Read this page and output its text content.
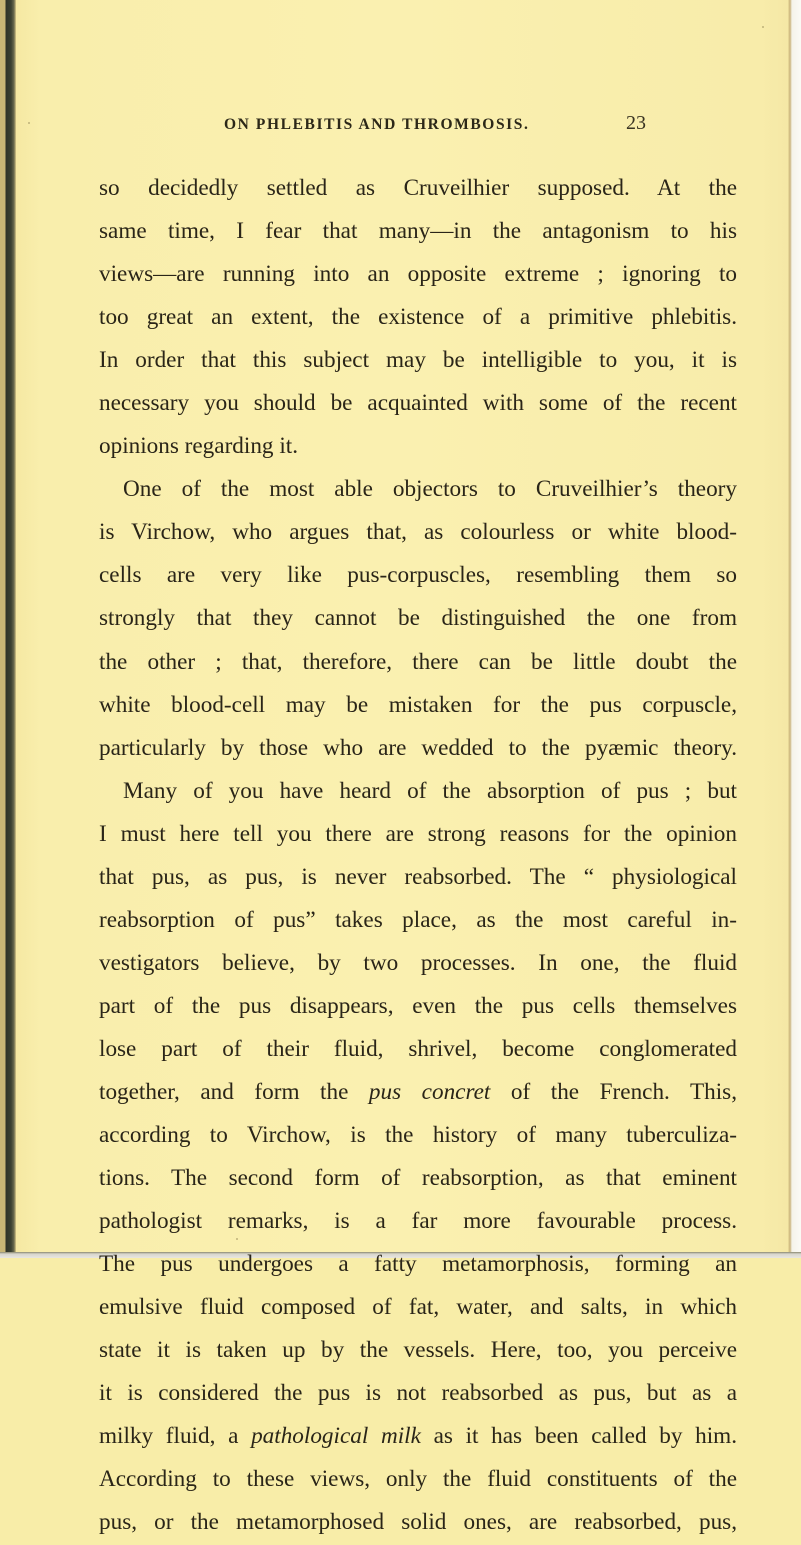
ON PHLEBITIS AND THROMBOSIS.	23
so decidedly settled as Cruveilhier supposed. At the
same time, I fear that many—in the antagonism to his
views—are running into an opposite extreme ; ignoring to
too great an extent, the existence of a primitive phlebitis.
In order that this subject may be intelligible to you, it is
necessary you should be acquainted with some of the recent
opinions regarding it.
One of the most able objectors to Cruveilhier’s theory
is Virchow, who argues that, as colourless or white blood-
cells are very like pus-corpuscles, resembling them so
strongly that they cannot be distinguished the one from
the other ; that, therefore, there can be little doubt the
white blood-cell may be mistaken for the pus corpuscle,
particularly by those who are wedded to the pyæmic theory.
Many of you have heard of the absorption of pus ; but
I must here tell you there are strong reasons for the opinion
that pus, as pus, is never reabsorbed. The “ physiological
reabsorption of pus” takes place, as the most careful in-
vestigators believe, by two processes. In one, the fluid
part of the pus disappears, even the pus cells themselves
lose part of their fluid, shrivel, become conglomerated
together, and form the pus concret of the French. This,
according to Virchow, is the history of many tuberculiza-
tions. The second form of reabsorption, as that eminent
pathologist remarks, is a far more favourable process.
The pus undergoes a fatty metamorphosis, forming an
emulsive fluid composed of fat, water, and salts, in which
state it is taken up by the vessels. Here, too, you perceive
it is considered the pus is not reabsorbed as pus, but as a
milky fluid, a pathological milk as it has been called by him.
According to these views, only the fluid constituents of the
pus, or the metamorphosed solid ones, are reabsorbed, pus,
